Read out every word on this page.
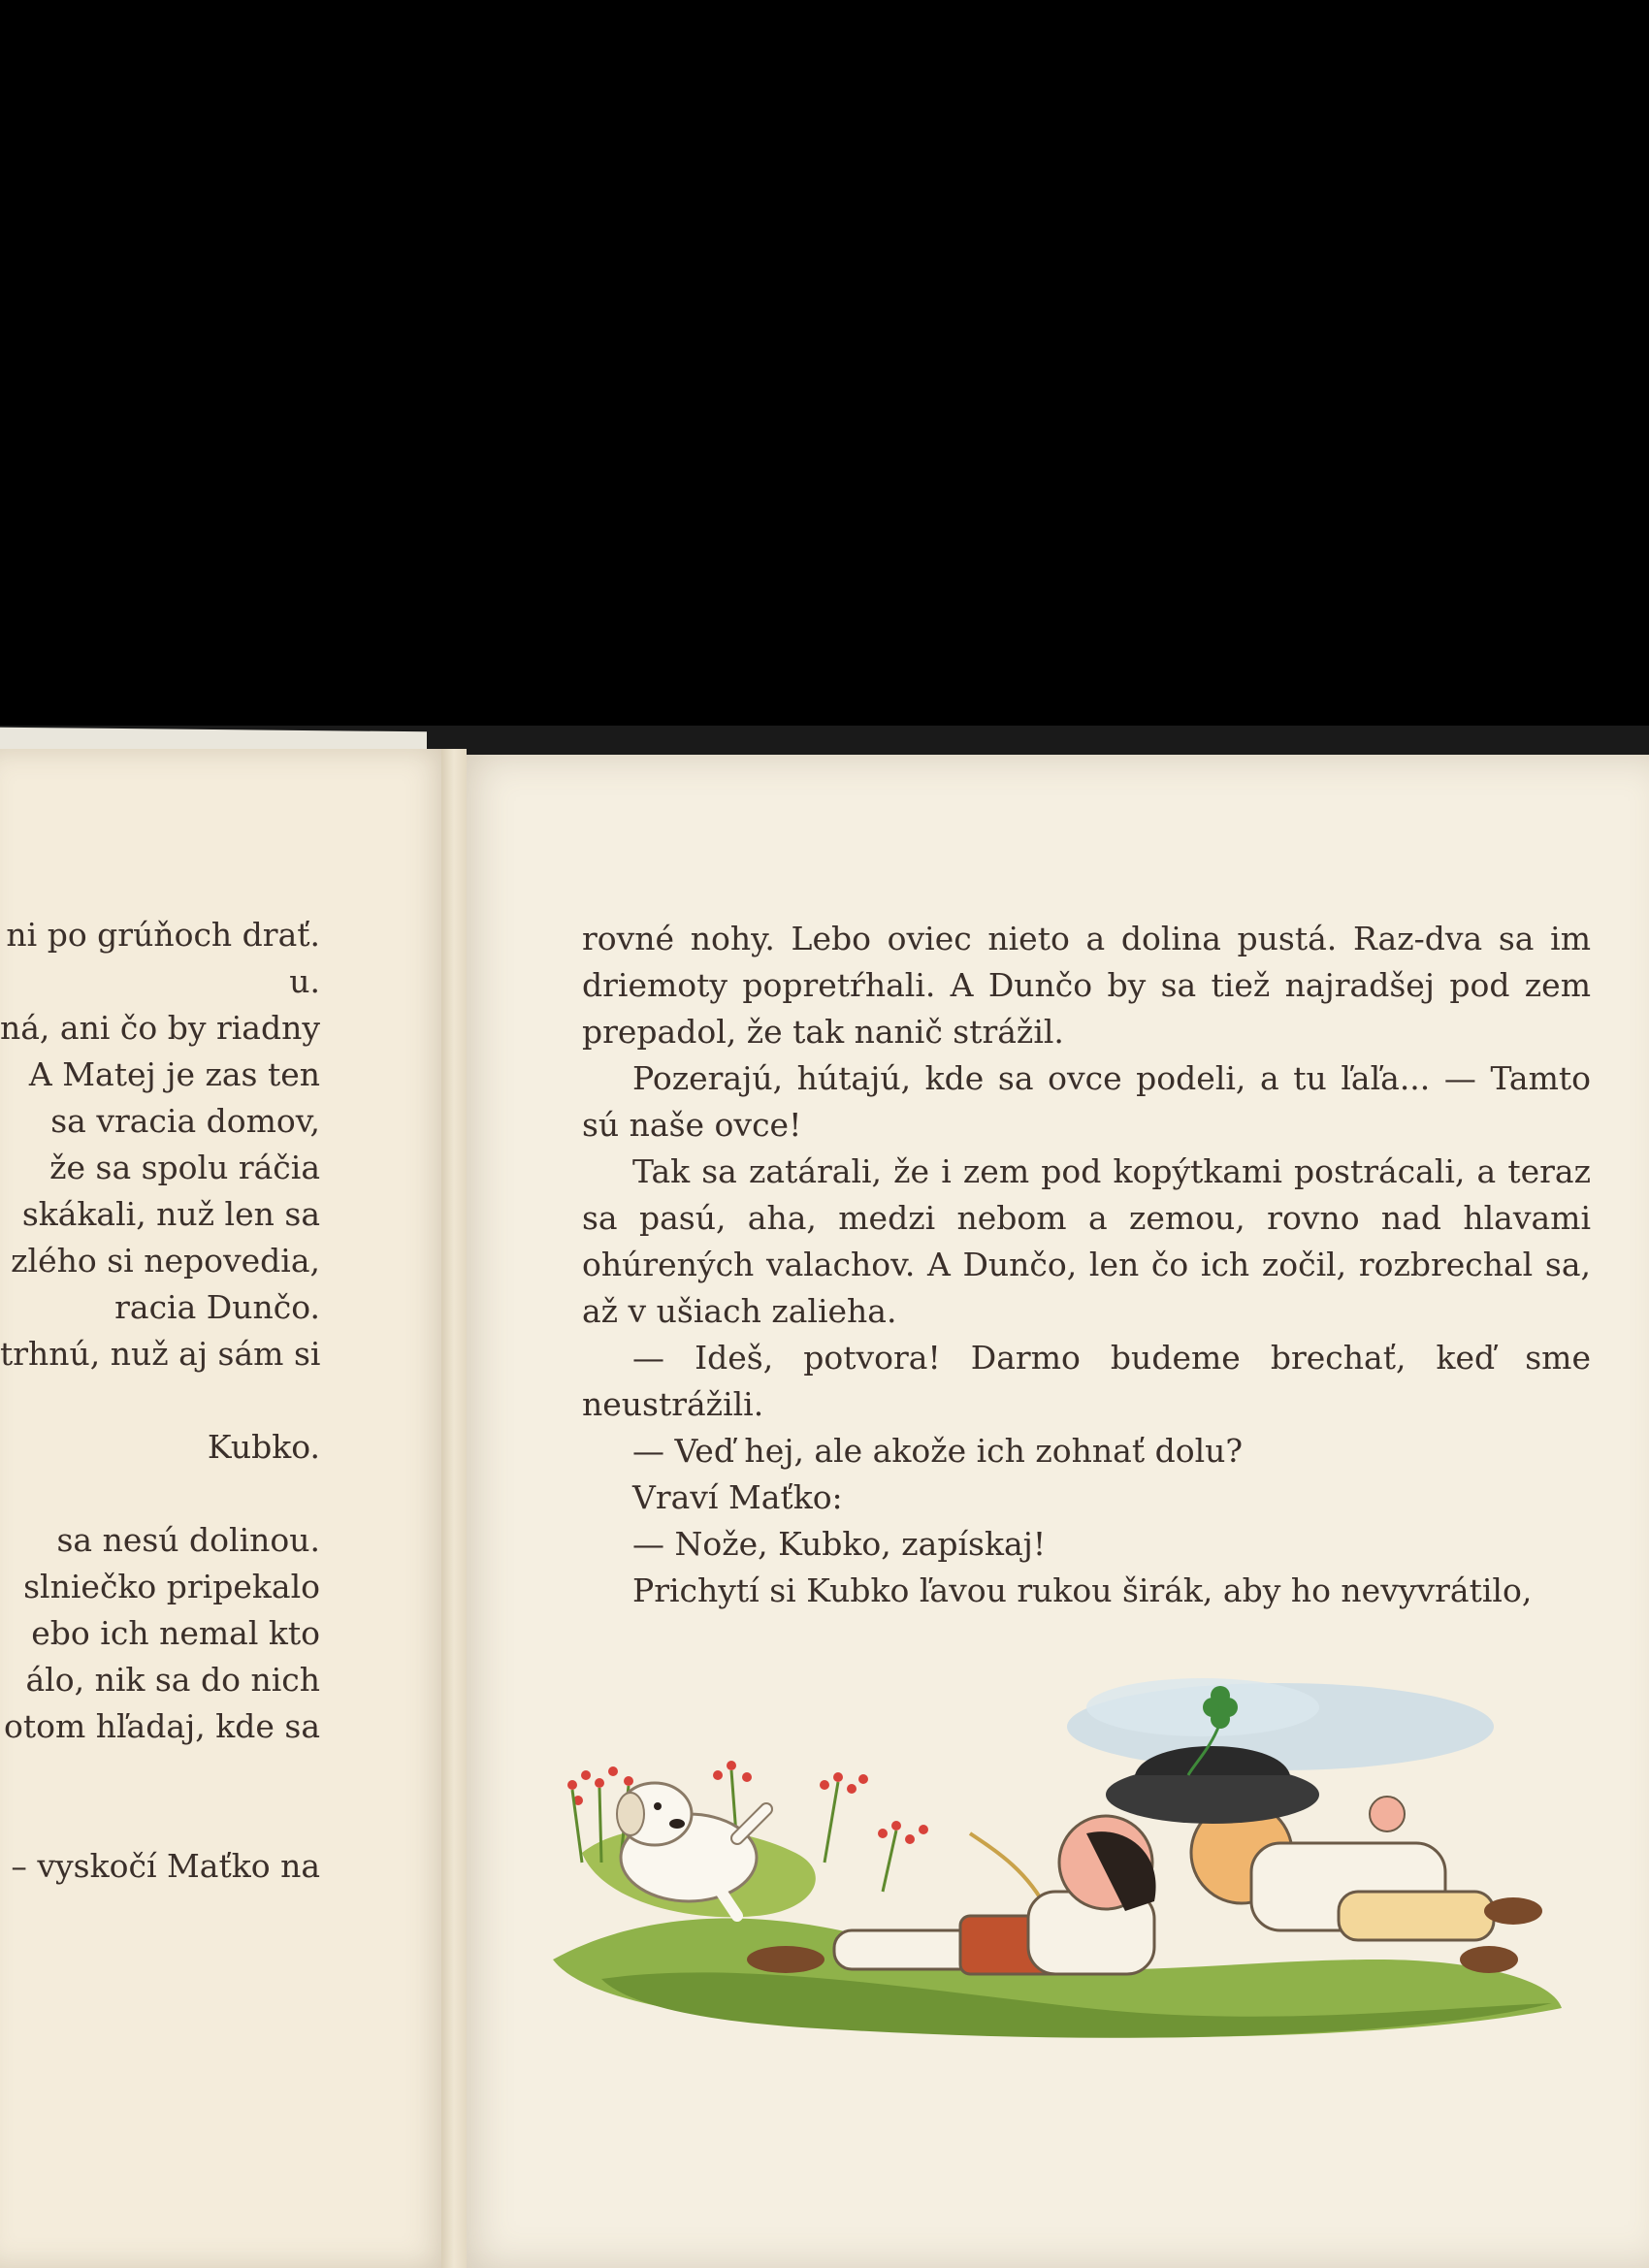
ni po grúňoch drať.
u.
ná, ani čo by riadny
A Matej je zas ten
sa vracia domov,
že sa spolu ráčia
skákali, nuž len sa
zlého si nepovedia,
racia Dunčo.
trhnú, nuž aj sám si
Kubko.
sa nesú dolinou.
slniečko pripekalo
ebo ich nemal kto
álo, nik sa do nich
otom hľadaj, kde sa
– vyskočí Maťko na

rovné nohy. Lebo oviec nieto a dolina pustá. Raz-dva sa im driemoty popretŕhali. A Dunčo by sa tiež najradšej pod zem prepadol, že tak nanič strážil.

Pozerajú, hútajú, kde sa ovce podeli, a tu ľaľa... — Tamto sú naše ovce!

Tak sa zatárali, že i zem pod kopýtkami postrácali, a teraz sa pasú, aha, medzi nebom a zemou, rovno nad hlavami ohúrených valachov. A Dunčo, len čo ich zočil, rozbrechal sa, až v ušiach zalieha.

— Ideš, potvora! Darmo budeme brechať, keď sme neustrážili.

— Veď hej, ale akože ich zohnať dolu?

Vraví Maťko:

— Nože, Kubko, zapískaj!

Prichytí si Kubko ľavou rukou širák, aby ho nevyvrátilo,
